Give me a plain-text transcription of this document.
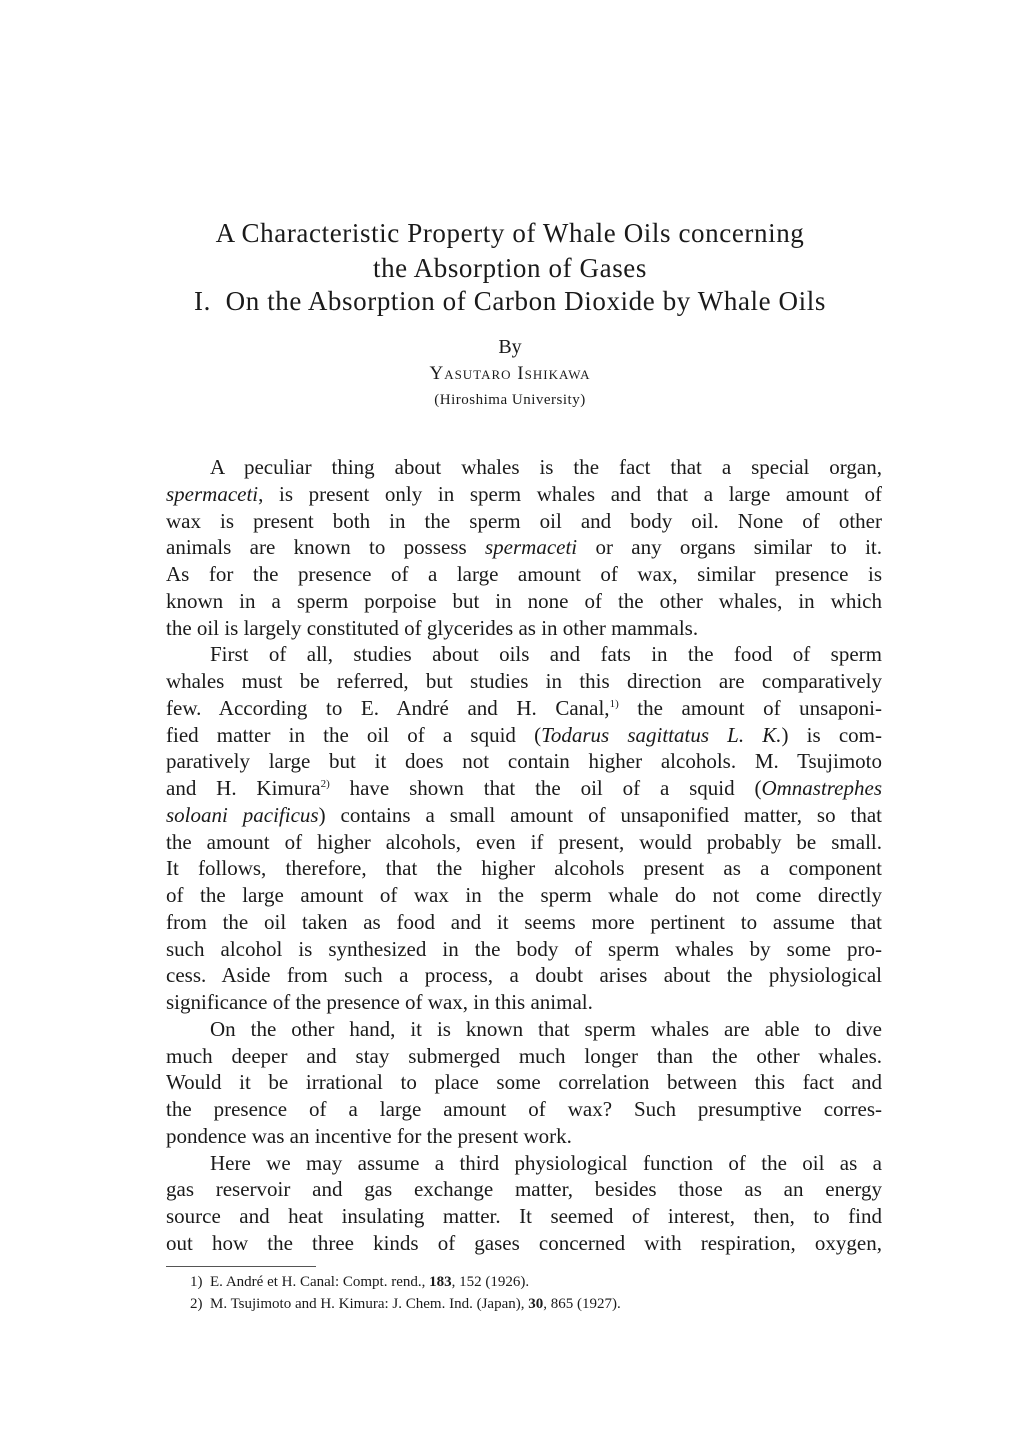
A Characteristic Property of Whale Oils concerning
the Absorption of Gases
I.  On the Absorption of Carbon Dioxide by Whale Oils
By
Yasutaro Ishikawa
(Hiroshima University)
A peculiar thing about whales is the fact that a special organ,
spermaceti, is present only in sperm whales and that a large amount of
wax is present both in the sperm oil and body oil. None of other
animals are known to possess spermaceti or any organs similar to it.
As for the presence of a large amount of wax, similar presence is
known in a sperm porpoise but in none of the other whales, in which
the oil is largely constituted of glycerides as in other mammals.
First of all, studies about oils and fats in the food of sperm
whales must be referred, but studies in this direction are comparatively
few. According to E. André and H. Canal,$^{1)}$ the amount of unsaponi-
fied matter in the oil of a squid (Todarus sagittatus L. K.) is com-
paratively large but it does not contain higher alcohols. M. Tsujimoto
and H. Kimura$^{2)}$ have shown that the oil of a squid (Omnastrephes
soloani pacificus) contains a small amount of unsaponified matter, so that
the amount of higher alcohols, even if present, would probably be small.
It follows, therefore, that the higher alcohols present as a component
of the large amount of wax in the sperm whale do not come directly
from the oil taken as food and it seems more pertinent to assume that
such alcohol is synthesized in the body of sperm whales by some pro-
cess. Aside from such a process, a doubt arises about the physiological
significance of the presence of wax, in this animal.
On the other hand, it is known that sperm whales are able to dive
much deeper and stay submerged much longer than the other whales.
Would it be irrational to place some correlation between this fact and
the presence of a large amount of wax? Such presumptive corres-
pondence was an incentive for the present work.
Here we may assume a third physiological function of the oil as a
gas reservoir and gas exchange matter, besides those as an energy
source and heat insulating matter. It seemed of interest, then, to find
out how the three kinds of gases concerned with respiration, oxygen,
1) E. André et H. Canal: Compt. rend., 183, 152 (1926).
2) M. Tsujimoto and H. Kimura: J. Chem. Ind. (Japan), 30, 865 (1927).
